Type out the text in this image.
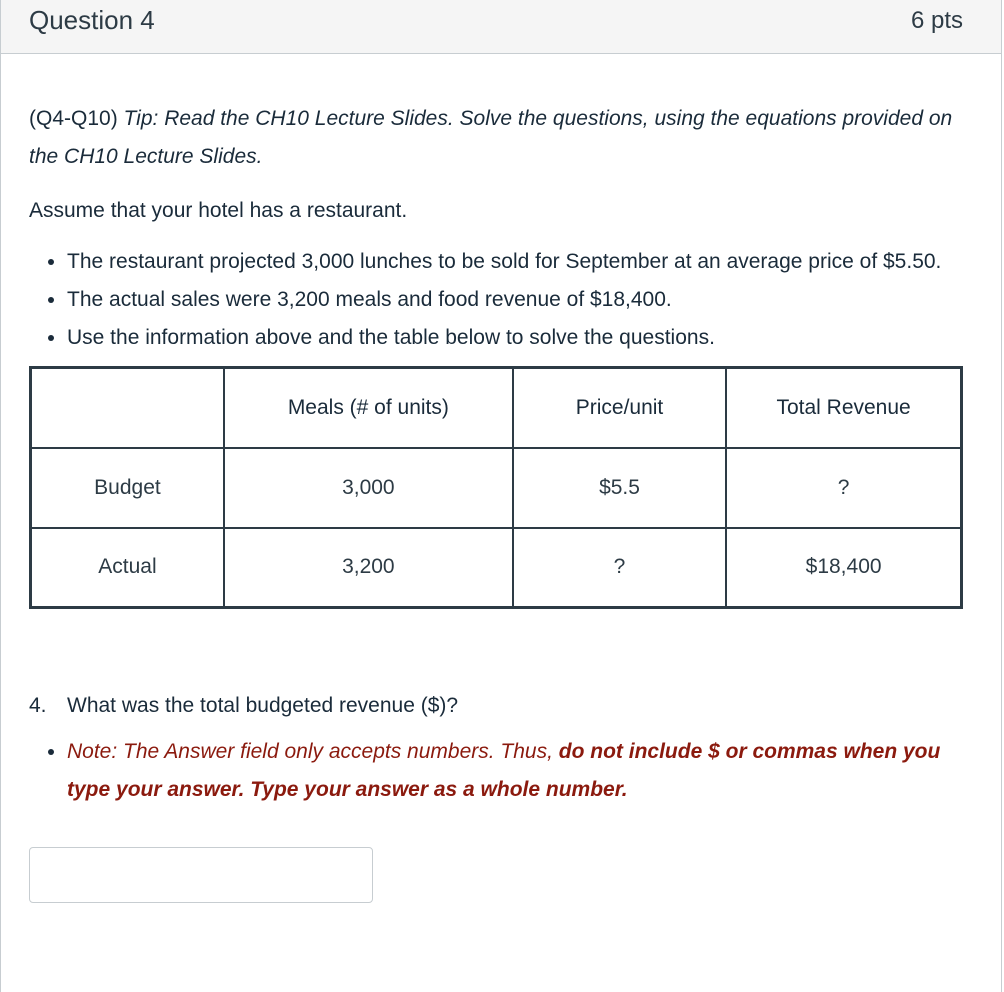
Question 4	6 pts
(Q4-Q10) Tip: Read the CH10 Lecture Slides. Solve the questions, using the equations provided on the CH10 Lecture Slides.
Assume that your hotel has a restaurant.
• The restaurant projected 3,000 lunches to be sold for September at an average price of $5.50.
• The actual sales were 3,200 meals and food revenue of $18,400.
• Use the information above and the table below to solve the questions.
	Meals (# of units)	Price/unit	Total Revenue
Budget	3,000	$5.5	?
Actual	3,200	?	$18,400
4. What was the total budgeted revenue ($)?
• Note: The Answer field only accepts numbers. Thus, do not include $ or commas when you type your answer. Type your answer as a whole number.
